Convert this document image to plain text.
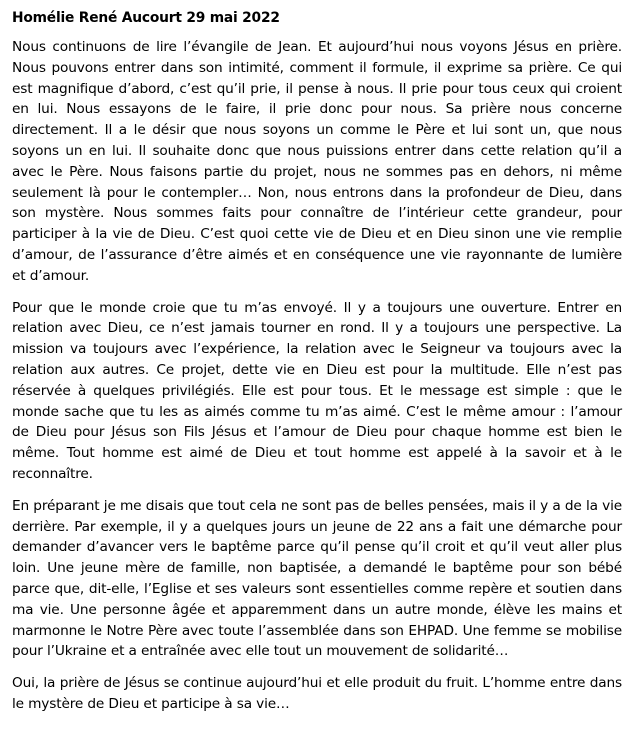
Homélie René Aucourt 29 mai 2022

Nous continuons de lire l’évangile de Jean. Et aujourd’hui nous voyons Jésus en prière. Nous pouvons entrer dans son intimité, comment il formule, il exprime sa prière. Ce qui est magnifique d’abord, c’est qu’il prie, il pense à nous. Il prie pour tous ceux qui croient en lui. Nous essayons de le faire, il prie donc pour nous. Sa prière nous concerne directement. Il a le désir que nous soyons un comme le Père et lui sont un, que nous soyons un en lui. Il souhaite donc que nous puissions entrer dans cette relation qu’il a avec le Père. Nous faisons partie du projet, nous ne sommes pas en dehors, ni même seulement là pour le contempler… Non, nous entrons dans la profondeur de Dieu, dans son mystère. Nous sommes faits pour connaître de l’intérieur cette grandeur, pour participer à la vie de Dieu. C’est quoi cette vie de Dieu et en Dieu sinon une vie remplie d’amour, de l’assurance d’être aimés et en conséquence une vie rayonnante de lumière et d’amour.

Pour que le monde croie que tu m’as envoyé. Il y a toujours une ouverture. Entrer en relation avec Dieu, ce n’est jamais tourner en rond. Il y a toujours une perspective. La mission va toujours avec l’expérience, la relation avec le Seigneur va toujours avec la relation aux autres. Ce projet, dette vie en Dieu est pour la multitude. Elle n’est pas réservée à quelques privilégiés. Elle est pour tous. Et le message est simple : que le monde sache que tu les as aimés comme tu m’as aimé. C’est le même amour : l’amour de Dieu pour Jésus son Fils Jésus et l’amour de Dieu pour chaque homme est bien le même. Tout homme est aimé de Dieu et tout homme est appelé à la savoir et à le reconnaître.

En préparant je me disais que tout cela ne sont pas de belles pensées, mais il y a de la vie derrière. Par exemple, il y a quelques jours un jeune de 22 ans a fait une démarche pour demander d’avancer vers le baptême parce qu’il pense qu’il croit et qu’il veut aller plus loin. Une jeune mère de famille, non baptisée, a demandé le baptême pour son bébé parce que, dit-elle, l’Eglise et ses valeurs sont essentielles comme repère et soutien dans ma vie. Une personne âgée et apparemment dans un autre monde, élève les mains et marmonne le Notre Père avec toute l’assemblée dans son EHPAD. Une femme se mobilise pour l’Ukraine et a entraînée avec elle tout un mouvement de solidarité…

Oui, la prière de Jésus se continue aujourd’hui et elle produit du fruit. L’homme entre dans le mystère de Dieu et participe à sa vie…
